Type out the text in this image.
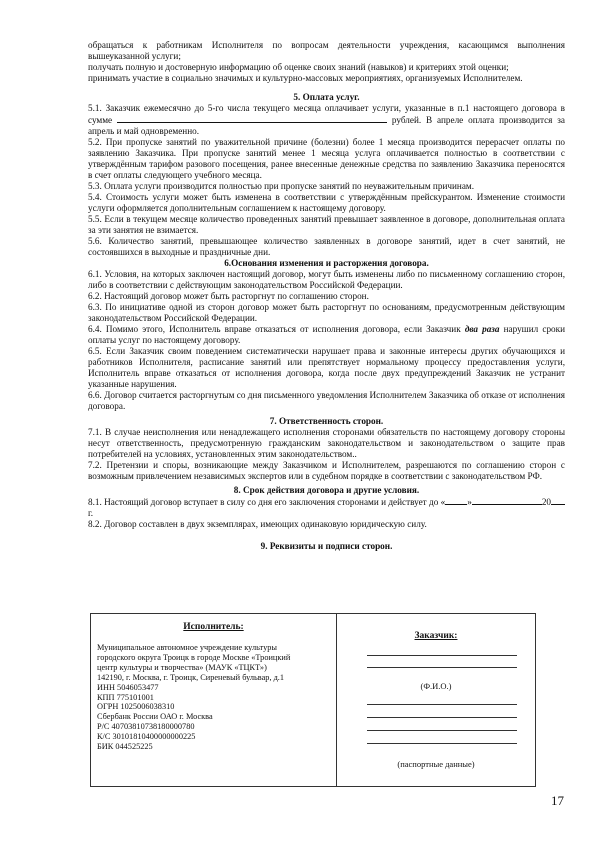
обращаться к работникам Исполнителя по вопросам деятельности учреждения, касающимся выполнения вышеуказанной услуги;

получать полную и достоверную информацию об оценке своих знаний (навыков) и критериях этой оценки;

принимать участие в социально значимых и культурно-массовых мероприятиях, организуемых Исполнителем.

5. Оплата услуг.

5.1. Заказчик ежемесячно до 5-го числа текущего месяца оплачивает услуги, указанные в п.1 настоящего договора в сумме	рублей. В апреле оплата производится за апрель и май одновременно.

5.2. При пропуске занятий по уважительной причине (болезни) более 1 месяца производится перерасчет оплаты по заявлению Заказчика. При пропуске занятий менее 1 месяца услуга оплачивается полностью в соответствии с утверждённым тарифом разового посещения, ранее внесенные денежные средства по заявлению Заказчика переносятся в счет оплаты следующего учебного месяца.

5.3. Оплата услуги производится полностью при пропуске занятий по неуважительным причинам.

5.4. Стоимость услуги может быть изменена в соответствии с утверждённым прейскурантом. Изменение стоимости услуги оформляется дополнительным соглашением к настоящему договору.

5.5. Если в текущем месяце количество проведенных занятий превышает заявленное в договоре, дополнительная оплата за эти занятия не взимается.

5.6. Количество занятий, превышающее количество заявленных в договоре занятий, идет в счет занятий, не состоявшихся в выходные и праздничные дни.

6.Основания изменения и расторжения договора.

6.1. Условия, на которых заключен настоящий договор, могут быть изменены либо по письменному соглашению сторон, либо в соответствии с действующим законодательством Российской Федерации.

6.2. Настоящий договор может быть расторгнут по соглашению сторон.

6.3. По инициативе одной из сторон договор может быть расторгнут по основаниям, предусмотренным действующим законодательством Российской Федерации.

6.4. Помимо этого, Исполнитель вправе отказаться от исполнения договора, если Заказчик два раза нарушил сроки оплаты услуг по настоящему договору.

6.5. Если Заказчик своим поведением систематически нарушает права и законные интересы других обучающихся и работников Исполнителя, расписание занятий или препятствует нормальному процессу предоставления услуги, Исполнитель вправе отказаться от исполнения договора, когда после двух предупреждений Заказчик не устранит указанные нарушения.

6.6. Договор считается расторгнутым со дня письменного уведомления Исполнителем Заказчика об отказе от исполнения договора.

7. Ответственность сторон.

7.1. В случае неисполнения или ненадлежащего исполнения сторонами обязательств по настоящему договору стороны несут ответственность, предусмотренную гражданским законодательством и законодательством о защите прав потребителей на условиях, установленных этим законодательством..

7.2. Претензии и споры, возникающие между Заказчиком и Исполнителем, разрешаются по соглашению сторон с возможным привлечением независимых экспертов или в судебном порядке в соответствии с законодательством РФ.

8. Срок действия договора и другие условия.

8.1. Настоящий договор вступает в силу со дня его заключения сторонами и действует до « »	20 г.

8.2. Договор составлен в двух экземплярах, имеющих одинаковую юридическую силу.

9. Реквизиты и подписи сторон.

Исполнитель:
Муниципальное автономное учреждение культуры
городского округа Троицк в городе Москве «Троицкий
центр культуры и творчества» (МАУК «ТЦКТ»)
142190, г. Москва, г. Троицк, Сиреневый бульвар, д.1
ИНН 5046053477
КПП 775101001
ОГРН 1025006038310
Сбербанк России ОАО г. Москва
Р/С 40703810738180000780
К/С 30101810400000000225
БИК 044525225
Заказчик:
(Ф.И.О.)
(паспортные данные)
17
